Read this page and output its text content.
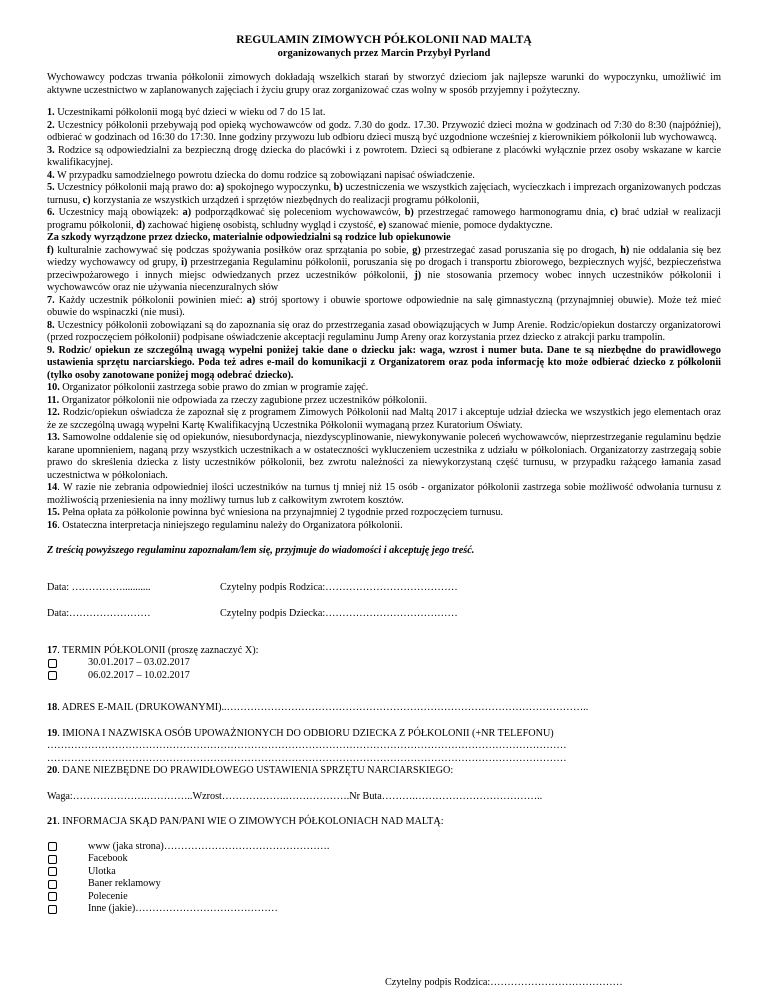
REGULAMIN ZIMOWYCH PÓŁKOLONII NAD MALTĄ

organizowanych przez Marcin Przybył Pyrland

Wychowawcy podczas trwania półkolonii zimowych dokładają wszelkich starań by stworzyć dzieciom jak najlepsze warunki do wypoczynku, umożliwić im aktywne uczestnictwo w zaplanowanych zajęciach i życiu grupy oraz zorganizować czas wolny w sposób przyjemny i pożyteczny.

1. Uczestnikami półkolonii mogą być dzieci w wieku od 7 do 15 lat.

2. Uczestnicy półkolonii przebywają pod opieką wychowawców od godz. 7.30 do godz. 17.30. Przywozić dzieci można w godzinach od 7:30 do 8:30 (najpóźniej), odbierać w godzinach od 16:30 do 17:30. Inne godziny przywozu lub odbioru dzieci muszą być uzgodnione wcześniej z kierownikiem półkolonii lub wychowawcą.

3. Rodzice są odpowiedzialni za bezpieczną drogę dziecka do placówki i z powrotem. Dzieci są odbierane z placówki wyłącznie przez osoby wskazane w karcie kwalifikacyjnej.

4. W przypadku samodzielnego powrotu dziecka do domu rodzice są zobowiązani napisać oświadczenie.

5. Uczestnicy półkolonii mają prawo do: a) spokojnego wypoczynku, b) uczestniczenia we wszystkich zajęciach, wycieczkach i imprezach organizowanych podczas turnusu, c) korzystania ze wszystkich urządzeń i sprzętów niezbędnych do realizacji programu półkolonii,

6. Uczestnicy mają obowiązek: a) podporządkować się poleceniom wychowawców, b) przestrzegać ramowego harmonogramu dnia, c) brać udział w realizacji programu półkolonii, d) zachować higienę osobistą, schludny wygląd i czystość, e) szanować mienie, pomoce dydaktyczne.

Za szkody wyrządzone przez dziecko, materialnie odpowiedzialni są rodzice lub opiekunowie

f) kulturalnie zachowywać się podczas spożywania posiłków oraz sprzątania po sobie, g) przestrzegać zasad poruszania się po drogach, h) nie oddalania się bez wiedzy wychowawcy od grupy, i) przestrzegania Regulaminu półkolonii, poruszania się po drogach i transportu zbiorowego, bezpiecznych wyjść, bezpieczeństwa przeciwpożarowego i innych miejsc odwiedzanych przez uczestników półkolonii, j) nie stosowania przemocy wobec innych uczestników półkolonii i wychowawców oraz nie używania niecenzuralnych słów

7. Każdy uczestnik półkolonii powinien mieć: a) strój sportowy i obuwie sportowe odpowiednie na salę gimnastyczną (przynajmniej obuwie). Może też mieć obuwie do wspinaczki (nie musi).

8. Uczestnicy półkolonii zobowiązani są do zapoznania się oraz do przestrzegania zasad obowiązujących w Jump Arenie. Rodzic/opiekun dostarczy organizatorowi (przed rozpoczęciem półkolonii) podpisane oświadczenie akceptacji regulaminu Jump Areny oraz korzystania przez dziecko z atrakcji parku trampolin.

9. Rodzic/ opiekun ze szczególną uwagą wypełni poniżej takie dane o dziecku jak: waga, wzrost i numer buta. Dane te są niezbędne do prawidłowego ustawienia sprzętu narciarskiego. Poda też adres e-mail do komunikacji z Organizatorem oraz poda informację kto może odbierać dziecko z półkolonii (tylko osoby zanotowane poniżej mogą odebrać dziecko).

10. Organizator półkolonii zastrzega sobie prawo do zmian w programie zajęć.

11. Organizator półkolonii nie odpowiada za rzeczy zagubione przez uczestników półkolonii.

12. Rodzic/opiekun oświadcza że zapoznał się z programem Zimowych Półkolonii nad Maltą 2017 i akceptuje udział dziecka we wszystkich jego elementach oraz że ze szczególną uwagą wypełni Kartę Kwalifikacyjną Uczestnika Półkolonii wymaganą przez Kuratorium Oświaty.

13. Samowolne oddalenie się od opiekunów, niesubordynacja, niezdyscyplinowanie, niewykonywanie poleceń wychowawców, nieprzestrzeganie regulaminu będzie karane upomnieniem, naganą przy wszystkich uczestnikach a w ostateczności wykluczeniem uczestnika z udziału w półkoloniach. Organizatorzy zastrzegają sobie prawo do skreślenia dziecka z listy uczestników półkolonii, bez zwrotu należności za niewykorzystaną część turnusu, w przypadku rażącego łamania zasad uczestnictwa w półkoloniach.

14. W razie nie zebrania odpowiedniej ilości uczestników na turnus tj mniej niż 15 osób - organizator półkolonii zastrzega sobie możliwość odwołania turnusu z możliwością przeniesienia na inny możliwy turnus lub z całkowitym zwrotem kosztów.

15. Pełna opłata za półkolonie powinna być wniesiona na przynajmniej 2 tygodnie przed rozpoczęciem turnusu.

16. Ostateczna interpretacja niniejszego regulaminu należy do Organizatora półkolonii.

Z treścią powyższego regulaminu zapoznałam/lem się, przyjmuje do wiadomości i akceptuję jego treść.

Data: ……………...........	Czytelny podpis Rodzica:…………………………………
Data:……………………	Czytelny podpis Dziecka:…………………………………

17. TERMIN PÓŁKOLONII (proszę zaznaczyć X):

30.01.2017 – 03.02.2017
06.02.2017 – 10.02.2017

18. ADRES E-MAIL (DRUKOWANYMI)..……………………………………………………………………………………………..

19. IMIONA I NAZWISKA OSÓB UPOWAŻNIONYCH DO ODBIORU DZIECKA Z PÓŁKOLONII (+NR TELEFONU)

………………………………………………………………………………………………………………………………………
………………………………………………………………………………………………………………………………………

20. DANE NIEZBĘDNE DO PRAWIDŁOWEGO USTAWIENIA SPRZĘTU NARCIARSKIEGO:

Waga:………………….…………..Wzrost……………….……………….Nr Buta……….………………………………..

21. INFORMACJA SKĄD PAN/PANI WIE O ZIMOWYCH PÓŁKOLONIACH NAD MALTĄ:

www (jaka strona)………………………………………….
Facebook
Ulotka
Baner reklamowy
Polecenie
Inne (jakie)……………………………………

Czytelny podpis Rodzica:…………………………………
